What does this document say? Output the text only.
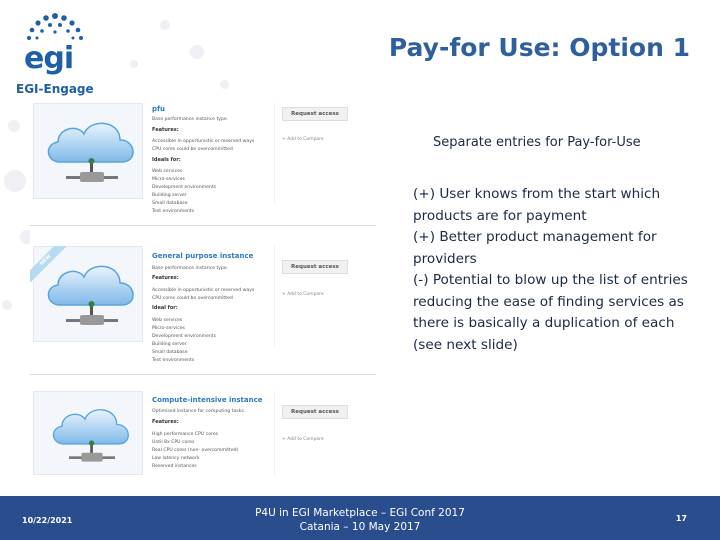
egi
EGI-Engage
Pay-for Use: Option 1
pfu
Base performance instance type.
Features:
Accessible in opportunistic or reserved ways
CPU cores could be overcommitted
Ideals for:
Web services
Micro-services
Development environments
Building server
Small database
Test environments
Request access
+ Add to Compare
NEW	General purpose instance
Base performance instance type.
Features:
Accessible in opportunistic or reserved ways
CPU cores could be overcommitted
Ideal for:
Web services
Micro-services
Development environments
Building server
Small database
Test environments
Request access
+ Add to Compare
Compute-intensive instance
Optimised instance for computing tasks.
Features:
High performance CPU cores
Until 8x CPU cores
Real CPU cores (non- overcommitted)
Low latency network
Reserved instances
Request access
+ Add to Compare
Separate entries for Pay-for-Use
(+) User knows from the start which products are for payment
(+) Better product management for providers
(-) Potential to blow up the list of entries reducing the ease of finding services as there is basically a duplication of each (see next slide)
10/22/2021
P4U in EGI Marketplace – EGI Conf 2017
Catania – 10 May 2017
17
